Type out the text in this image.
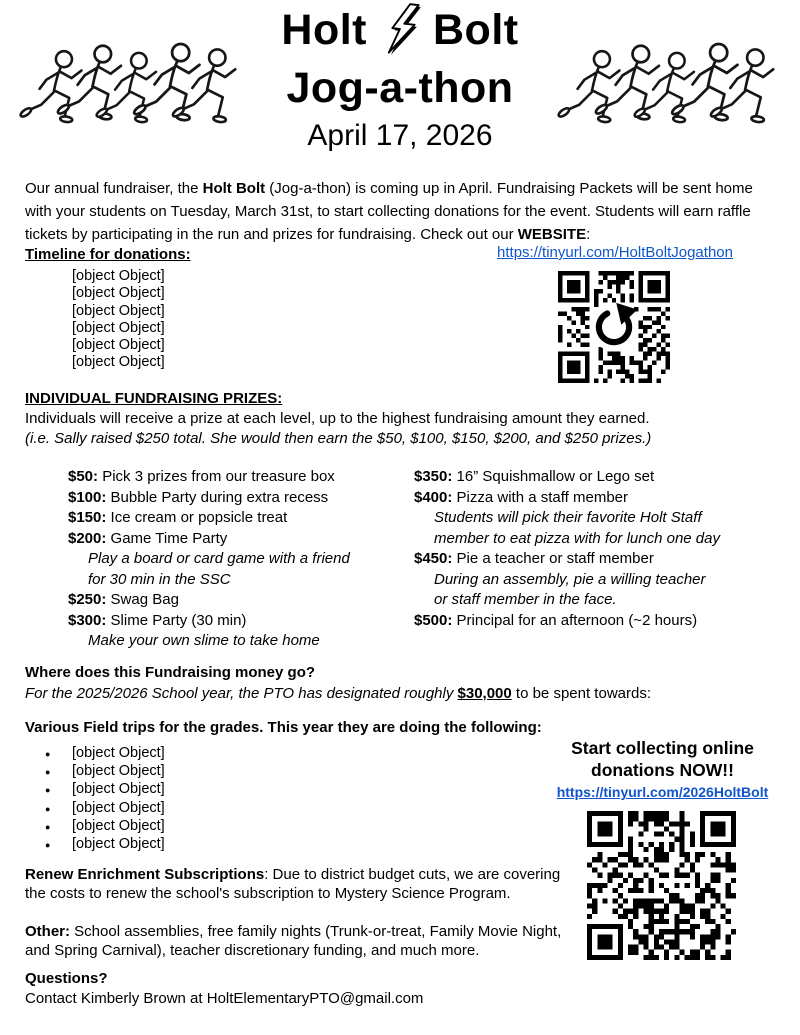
Holt Bolt
Jog-a-thon
April 17, 2026

Our annual fundraiser, the Holt Bolt (Jog-a-thon) is coming up in April. Fundraising Packets will be sent home with your students on Tuesday, March 31st, to start collecting donations for the event. Students will earn raffle tickets by participating in the run and prizes for fundraising. Check out our WEBSITE:

Timeline for donations:	https://tinyurl.com/HoltBoltJogathon
[object Object]
[object Object]
[object Object]
[object Object]
[object Object]
[object Object]
INDIVIDUAL FUNDRAISING PRIZES:
Individuals will receive a prize at each level, up to the highest fundraising amount they earned.
(i.e. Sally raised $250 total. She would then earn the $50, $100, $150, $200, and $250 prizes.)
$50: Pick 3 prizes from our treasure box
$100: Bubble Party during extra recess
$150: Ice cream or popsicle treat
$200: Game Time Party
Play a board or card game with a friend
for 30 min in the SSC
$250: Swag Bag
$300: Slime Party (30 min)
Make your own slime to take home
$350: 16” Squishmallow or Lego set
$400: Pizza with a staff member
Students will pick their favorite Holt Staff
member to eat pizza with for lunch one day
$450: Pie a teacher or staff member
During an assembly, pie a willing teacher
or staff member in the face.
$500: Principal for an afternoon (~2 hours)
Where does this Fundraising money go?
For the 2025/2026 School year, the PTO has designated roughly $30,000 to be spent towards:
Various Field trips for the grades. This year they are doing the following:
● [object Object]
● [object Object]
● [object Object]
● [object Object]
● [object Object]
● [object Object]
Start collecting online
donations NOW!!
https://tinyurl.com/2026HoltBolt

Renew Enrichment Subscriptions: Due to district budget cuts, we are covering
the costs to renew the school's subscription to Mystery Science Program.

Other: School assemblies, free family nights (Trunk-or-treat, Family Movie Night,
and Spring Carnival), teacher discretionary funding, and much more.

Questions?
Contact Kimberly Brown at HoltElementaryPTO@gmail.com
